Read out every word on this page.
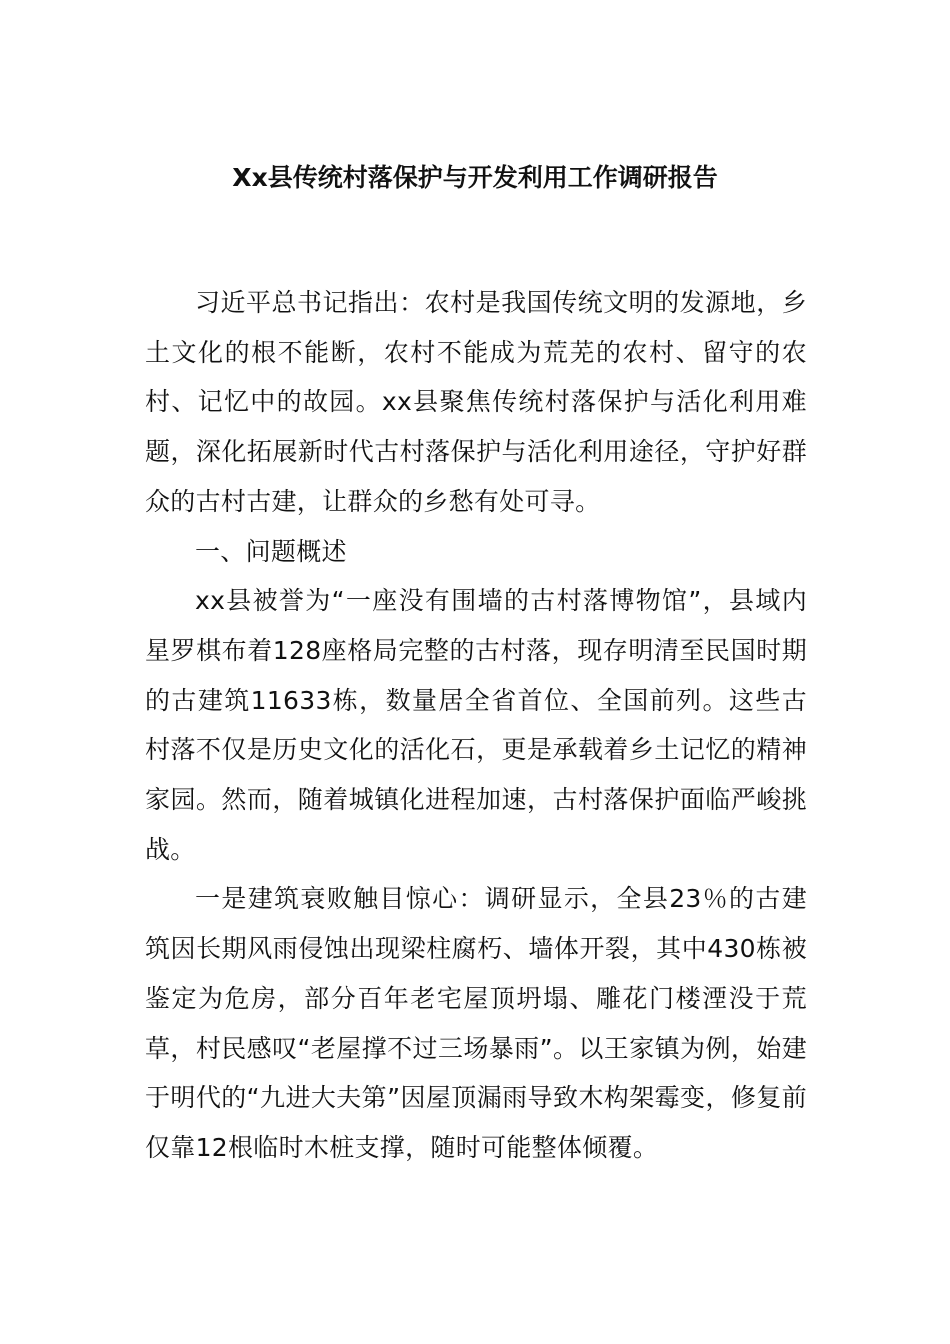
Xx县传统村落保护与开发利用工作调研报告

习近平总书记指出：农村是我国传统文明的发源地，乡土文化的根不能断，农村不能成为荒芜的农村、留守的农村、记忆中的故园。xx县聚焦传统村落保护与活化利用难题，深化拓展新时代古村落保护与活化利用途径，守护好群众的古村古建，让群众的乡愁有处可寻。

一、问题概述

xx县被誉为“一座没有围墙的古村落博物馆”，县域内星罗棋布着128座格局完整的古村落，现存明清至民国时期的古建筑11633栋，数量居全省首位、全国前列。这些古村落不仅是历史文化的活化石，更是承载着乡土记忆的精神家园。然而，随着城镇化进程加速，古村落保护面临严峻挑战。

一是建筑衰败触目惊心：调研显示，全县23％的古建筑因长期风雨侵蚀出现梁柱腐朽、墙体开裂，其中430栋被鉴定为危房，部分百年老宅屋顶坍塌、雕花门楼湮没于荒草，村民感叹“老屋撑不过三场暴雨”。以王家镇为例，始建于明代的“九进大夫第”因屋顶漏雨导致木构架霉变，修复前仅靠12根临时木桩支撑，随时可能整体倾覆。
